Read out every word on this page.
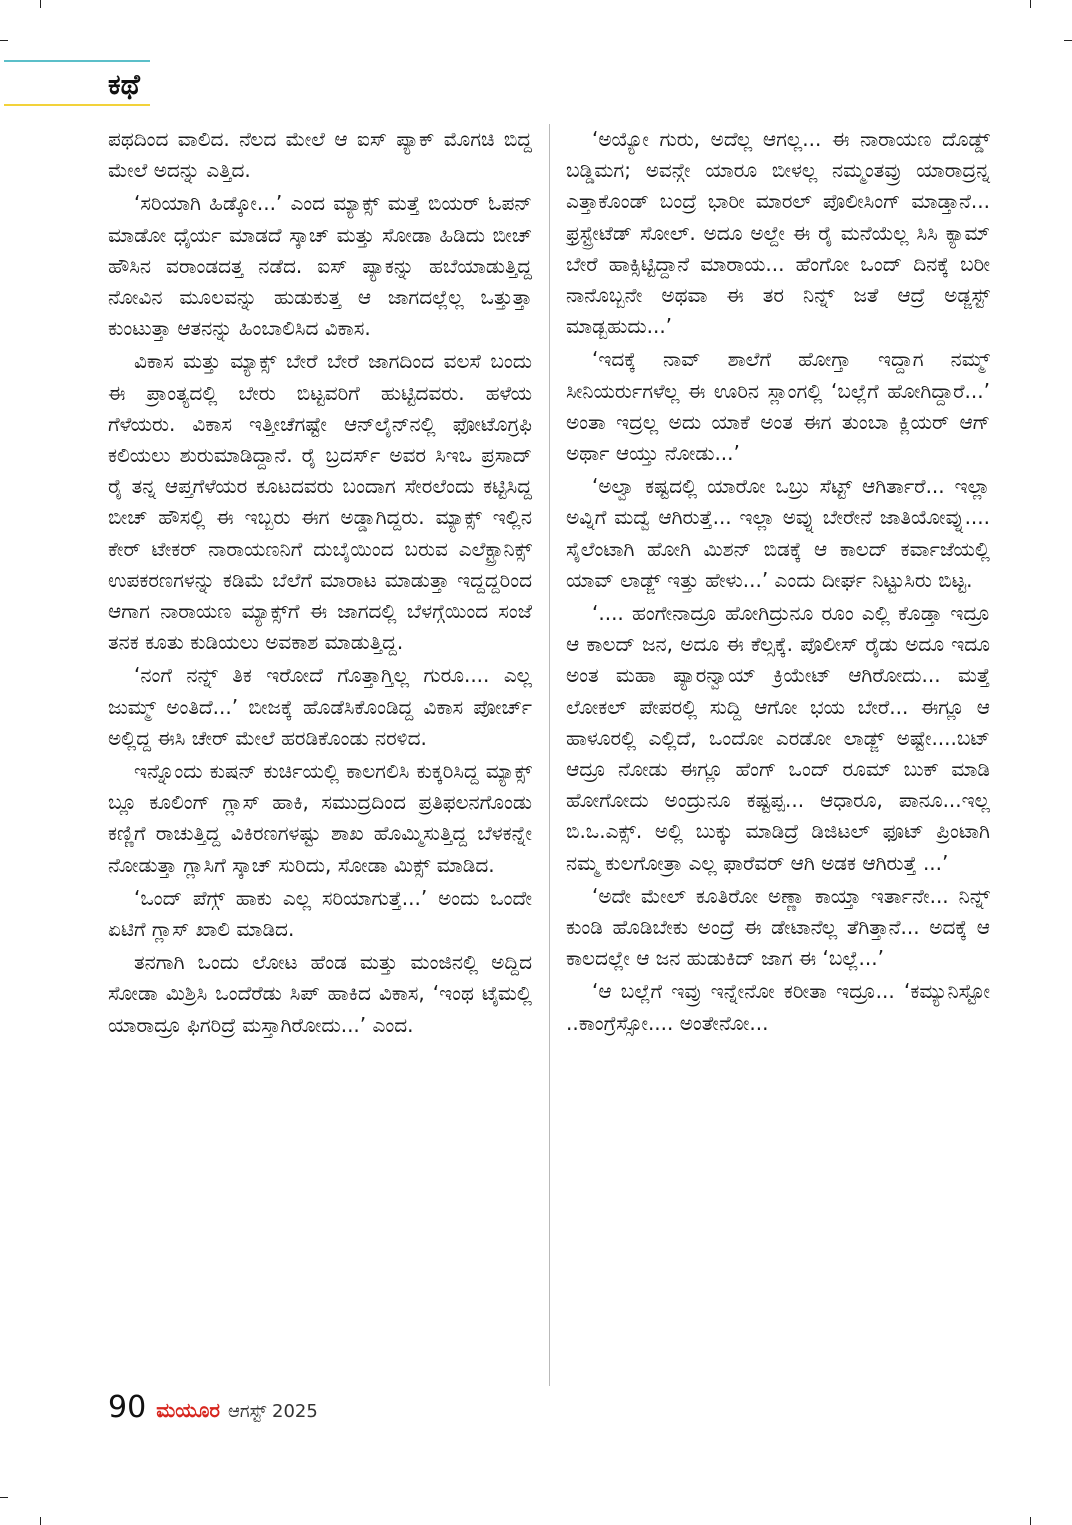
ಕಥೆ

ಪಥದಿಂದ ವಾಲಿದ. ನೆಲದ ಮೇಲೆ ಆ ಐಸ್ ಪ್ಯಾಕ್ ಮೊಗಚಿ ಬಿದ್ದ ಮೇಲೆ ಅದನ್ನು ಎತ್ತಿದ.

‘ಸರಿಯಾಗಿ ಹಿಡ್ಕೋ...’ ಎಂದ ಮ್ಯಾಕ್ಸ್ ಮತ್ತೆ ಬಿಯರ್ ಓಪನ್ ಮಾಡೋ ಧೈರ್ಯ ಮಾಡದೆ ಸ್ಕಾಚ್ ಮತ್ತು ಸೋಡಾ ಹಿಡಿದು ಬೀಚ್ ಹೌಸಿನ ವರಾಂಡದತ್ತ ನಡೆದ. ಐಸ್ ಪ್ಯಾಕನ್ನು ಹಬೆಯಾಡುತ್ತಿದ್ದ ನೋವಿನ ಮೂಲವನ್ನು ಹುಡುಕುತ್ತ ಆ ಜಾಗದಲ್ಲೆಲ್ಲ ಒತ್ತುತ್ತಾ ಕುಂಟುತ್ತಾ ಆತನನ್ನು ಹಿಂಬಾಲಿಸಿದ ವಿಕಾಸ.

ವಿಕಾಸ ಮತ್ತು ಮ್ಯಾಕ್ಸ್ ಬೇರೆ ಬೇರೆ ಜಾಗದಿಂದ ವಲಸೆ ಬಂದು ಈ ಪ್ರಾಂತ್ಯದಲ್ಲಿ ಬೇರು ಬಿಟ್ಟವರಿಗೆ ಹುಟ್ಟಿದವರು. ಹಳೆಯ ಗೆಳೆಯರು. ವಿಕಾಸ ಇತ್ತೀಚೆಗಷ್ಟೇ ಆನ್‌ಲೈನ್‌ನಲ್ಲಿ ಫೋಟೊಗ್ರಫಿ ಕಲಿಯಲು ಶುರುಮಾಡಿದ್ದಾನೆ. ರೈ ಬ್ರದರ್ಸ್ ಅವರ ಸಿಇಒ ಪ್ರಸಾದ್ ರೈ ತನ್ನ ಆಪ್ತಗೆಳೆಯರ ಕೂಟದವರು ಬಂದಾಗ ಸೇರಲೆಂದು ಕಟ್ಟಿಸಿದ್ದ ಬೀಚ್ ಹೌಸಲ್ಲಿ ಈ ಇಬ್ಬರು ಈಗ ಅಡ್ಡಾಗಿದ್ದರು. ಮ್ಯಾಕ್ಸ್ ಇಲ್ಲಿನ ಕೇರ್ ಟೇಕರ್ ನಾರಾಯಣನಿಗೆ ದುಬೈಯಿಂದ ಬರುವ ಎಲೆಕ್ಟ್ರಾನಿಕ್ಸ್ ಉಪಕರಣಗಳನ್ನು ಕಡಿಮೆ ಬೆಲೆಗೆ ಮಾರಾಟ ಮಾಡುತ್ತಾ ಇದ್ದದ್ದರಿಂದ ಆಗಾಗ ನಾರಾಯಣ ಮ್ಯಾಕ್ಸ್‌ಗೆ ಈ ಜಾಗದಲ್ಲಿ ಬೆಳಗ್ಗೆಯಿಂದ ಸಂಜೆ ತನಕ ಕೂತು ಕುಡಿಯಲು ಅವಕಾಶ ಮಾಡುತ್ತಿದ್ದ.

‘ನಂಗೆ ನನ್ನ್ ತಿಕ ಇರೋದೆ ಗೊತ್ತಾಗ್ತಿಲ್ಲ ಗುರೂ.... ಎಲ್ಲ ಜುಮ್ಮ್ ಅಂತಿದೆ...’ ಬೀಜಕ್ಕೆ ಹೊಡೆಸಿಕೊಂಡಿದ್ದ ವಿಕಾಸ ಪೋರ್ಚ್ ಅಲ್ಲಿದ್ದ ಈಸಿ ಚೇರ್ ಮೇಲೆ ಹರಡಿಕೊಂಡು ನರಳಿದ.

ಇನ್ನೊಂದು ಕುಷನ್ ಕುರ್ಚಿಯಲ್ಲಿ ಕಾಲಗಲಿಸಿ ಕುಕ್ಕರಿಸಿದ್ದ ಮ್ಯಾಕ್ಸ್ ಬ್ಲೂ ಕೂಲಿಂಗ್ ಗ್ಲಾಸ್ ಹಾಕಿ, ಸಮುದ್ರದಿಂದ ಪ್ರತಿಫಲನಗೊಂಡು ಕಣ್ಣಿಗೆ ರಾಚುತ್ತಿದ್ದ ವಿಕಿರಣಗಳಷ್ಟು ಶಾಖ ಹೊಮ್ಮಿಸುತ್ತಿದ್ದ ಬೆಳಕನ್ನೇ ನೋಡುತ್ತಾ ಗ್ಲಾಸಿಗೆ ಸ್ಕಾಚ್ ಸುರಿದು, ಸೋಡಾ ಮಿಕ್ಸ್ ಮಾಡಿದ.

‘ಒಂದ್ ಪೆಗ್ಗ್ ಹಾಕು ಎಲ್ಲ ಸರಿಯಾಗುತ್ತೆ...’ ಅಂದು ಒಂದೇ ಏಟಿಗೆ ಗ್ಲಾಸ್ ಖಾಲಿ ಮಾಡಿದ.

ತನಗಾಗಿ ಒಂದು ಲೋಟ ಹೆಂಡ ಮತ್ತು ಮಂಜಿನಲ್ಲಿ ಅದ್ದಿದ ಸೋಡಾ ಮಿಶ್ರಿಸಿ ಒಂದೆರೆಡು ಸಿಪ್ ಹಾಕಿದ ವಿಕಾಸ, ‘ಇಂಥ ಟೈಮಲ್ಲಿ ಯಾರಾದ್ರೂ ಫಿಗರಿದ್ರೆ ಮಸ್ತಾಗಿರೋದು...’ ಎಂದ.

‘ಅಯ್ಯೋ ಗುರು, ಅದೆಲ್ಲ ಆಗಲ್ಲ... ಈ ನಾರಾಯಣ ದೊಡ್ಡ್ ಬಡ್ಡಿಮಗ; ಅವನ್ಗೇ ಯಾರೂ ಬೀಳಲ್ಲ ನಮ್ಮಂತವ್ರು ಯಾರಾದ್ರನ್ನ ಎತ್ತಾಕೊಂಡ್ ಬಂದ್ರೆ ಭಾರೀ ಮಾರಲ್ ಪೊಲೀಸಿಂಗ್ ಮಾಡ್ತಾನೆ... ಫ್ರಸ್ಟ್ರೇಟೆಡ್ ಸೋಲ್. ಅದೂ ಅಲ್ದೇ ಈ ರೈ ಮನೆಯೆಲ್ಲ ಸಿಸಿ ಕ್ಯಾಮ್ ಬೇರೆ ಹಾಕ್ಸಿಟ್ಟಿದ್ದಾನೆ ಮಾರಾಯ... ಹೆಂಗೋ ಒಂದ್ ದಿನಕ್ಕೆ ಬರೀ ನಾನೊಬ್ಬನೇ ಅಥವಾ ಈ ತರ ನಿನ್ನ್ ಜತೆ ಆದ್ರೆ ಅಡ್ಜಸ್ಟ್ ಮಾಡ್ಬಹುದು...’

‘ಇದಕ್ಕೆ ನಾವ್ ಶಾಲೆಗೆ ಹೋಗ್ತಾ ಇದ್ದಾಗ ನಮ್ಮ್ ಸೀನಿಯರ್ರುಗಳೆಲ್ಲ ಈ ಊರಿನ ಸ್ಲಾಂಗಲ್ಲಿ ‘ಬಲ್ಲೆಗೆ ಹೋಗಿದ್ದಾರೆ...’ ಅಂತಾ ಇದ್ರಲ್ಲ ಅದು ಯಾಕೆ ಅಂತ ಈಗ ತುಂಬಾ ಕ್ಲಿಯರ್ ಆಗ್ ಅರ್ಥಾ ಆಯ್ತು ನೋಡು...’

‘ಅಲ್ವಾ ಕಷ್ಟದಲ್ಲಿ ಯಾರೋ ಒಬ್ರು ಸೆಟ್ಟ್ ಆಗಿರ್ತಾರೆ... ಇಲ್ಲಾ ಅವ್ನಿಗೆ ಮದ್ವೆ ಆಗಿರುತ್ತೆ... ಇಲ್ಲಾ ಅವ್ನು ಬೇರೇನೆ ಜಾತಿಯೋವ್ನು.... ಸೈಲೆಂಟಾಗಿ ಹೋಗಿ ಮಿಶನ್ ಬಿಡಕ್ಕೆ ಆ ಕಾಲದ್ ಕರ್ವಾಜೆಯಲ್ಲಿ ಯಾವ್ ಲಾಡ್ಜ್ ಇತ್ತು ಹೇಳು...’ ಎಂದು ದೀರ್ಘ ನಿಟ್ಟುಸಿರು ಬಿಟ್ಟ.

‘.... ಹಂಗೇನಾದ್ರೂ ಹೋಗಿದ್ರುನೂ ರೂಂ ಎಲ್ಲಿ ಕೊಡ್ತಾ ಇದ್ರೂ ಆ ಕಾಲದ್ ಜನ, ಅದೂ ಈ ಕೆಲ್ಸಕ್ಕೆ. ಪೊಲೀಸ್ ರೈಡು ಅದೂ ಇದೂ ಅಂತ ಮಹಾ ಪ್ಯಾರನ್ವಾಯ್ ಕ್ರಿಯೇಟ್ ಆಗಿರೋದು... ಮತ್ತೆ ಲೋಕಲ್ ಪೇಪರಲ್ಲಿ ಸುದ್ದಿ ಆಗೋ ಭಯ ಬೇರೆ... ಈಗ್ಲೂ ಆ ಹಾಳೂರಲ್ಲಿ ಎಲ್ಲಿದೆ, ಒಂದೋ ಎರಡೋ ಲಾಡ್ಜ್ ಅಷ್ಟೇ....ಬಟ್ ಆದ್ರೂ ನೋಡು ಈಗ್ಲೂ ಹೆಂಗ್ ಒಂದ್ ರೂಮ್ ಬುಕ್ ಮಾಡಿ ಹೋಗೋದು ಅಂದ್ರುನೂ ಕಷ್ಟಪ್ಪ... ಆಧಾರೂ, ಪಾನೂ...ಇಲ್ಲ ಬಿ.ಒ.ಎಕ್ಸ್. ಅಲ್ಲಿ ಬುಕ್ಕು ಮಾಡಿದ್ರೆ ಡಿಜಿಟಲ್ ಫೂಟ್ ಪ್ರಿಂಟಾಗಿ ನಮ್ಮ ಕುಲಗೋತ್ರಾ ಎಲ್ಲ ಫಾರೆವರ್ ಆಗಿ ಅಡಕ ಆಗಿರುತ್ತೆ ...’

‘ಅದೇ ಮೇಲ್ ಕೂತಿರೋ ಅಣ್ಣಾ ಕಾಯ್ತಾ ಇರ್ತಾನೇ... ನಿನ್ನ್ ಕುಂಡಿ ಹೊಡಿಬೇಕು ಅಂದ್ರೆ ಈ ಡೇಟಾನೆಲ್ಲ ತೆಗಿತ್ತಾನೆ... ಅದಕ್ಕೆ ಆ ಕಾಲದಲ್ಲೇ ಆ ಜನ ಹುಡುಕಿದ್ ಜಾಗ ಈ ‘ಬಲ್ಲೆ...’

‘ಆ ಬಲ್ಲೆಗೆ ಇವ್ರು ಇನ್ನೇನೋ ಕರೀತಾ ಇದ್ರೂ... ‘ಕಮ್ಯುನಿಸ್ಟೋ ..ಕಾಂಗ್ರೆಸ್ಸೋ.... ಅಂತೇನೋ...

90 ಮಯೂರ ಆಗಸ್ಟ್ 2025
